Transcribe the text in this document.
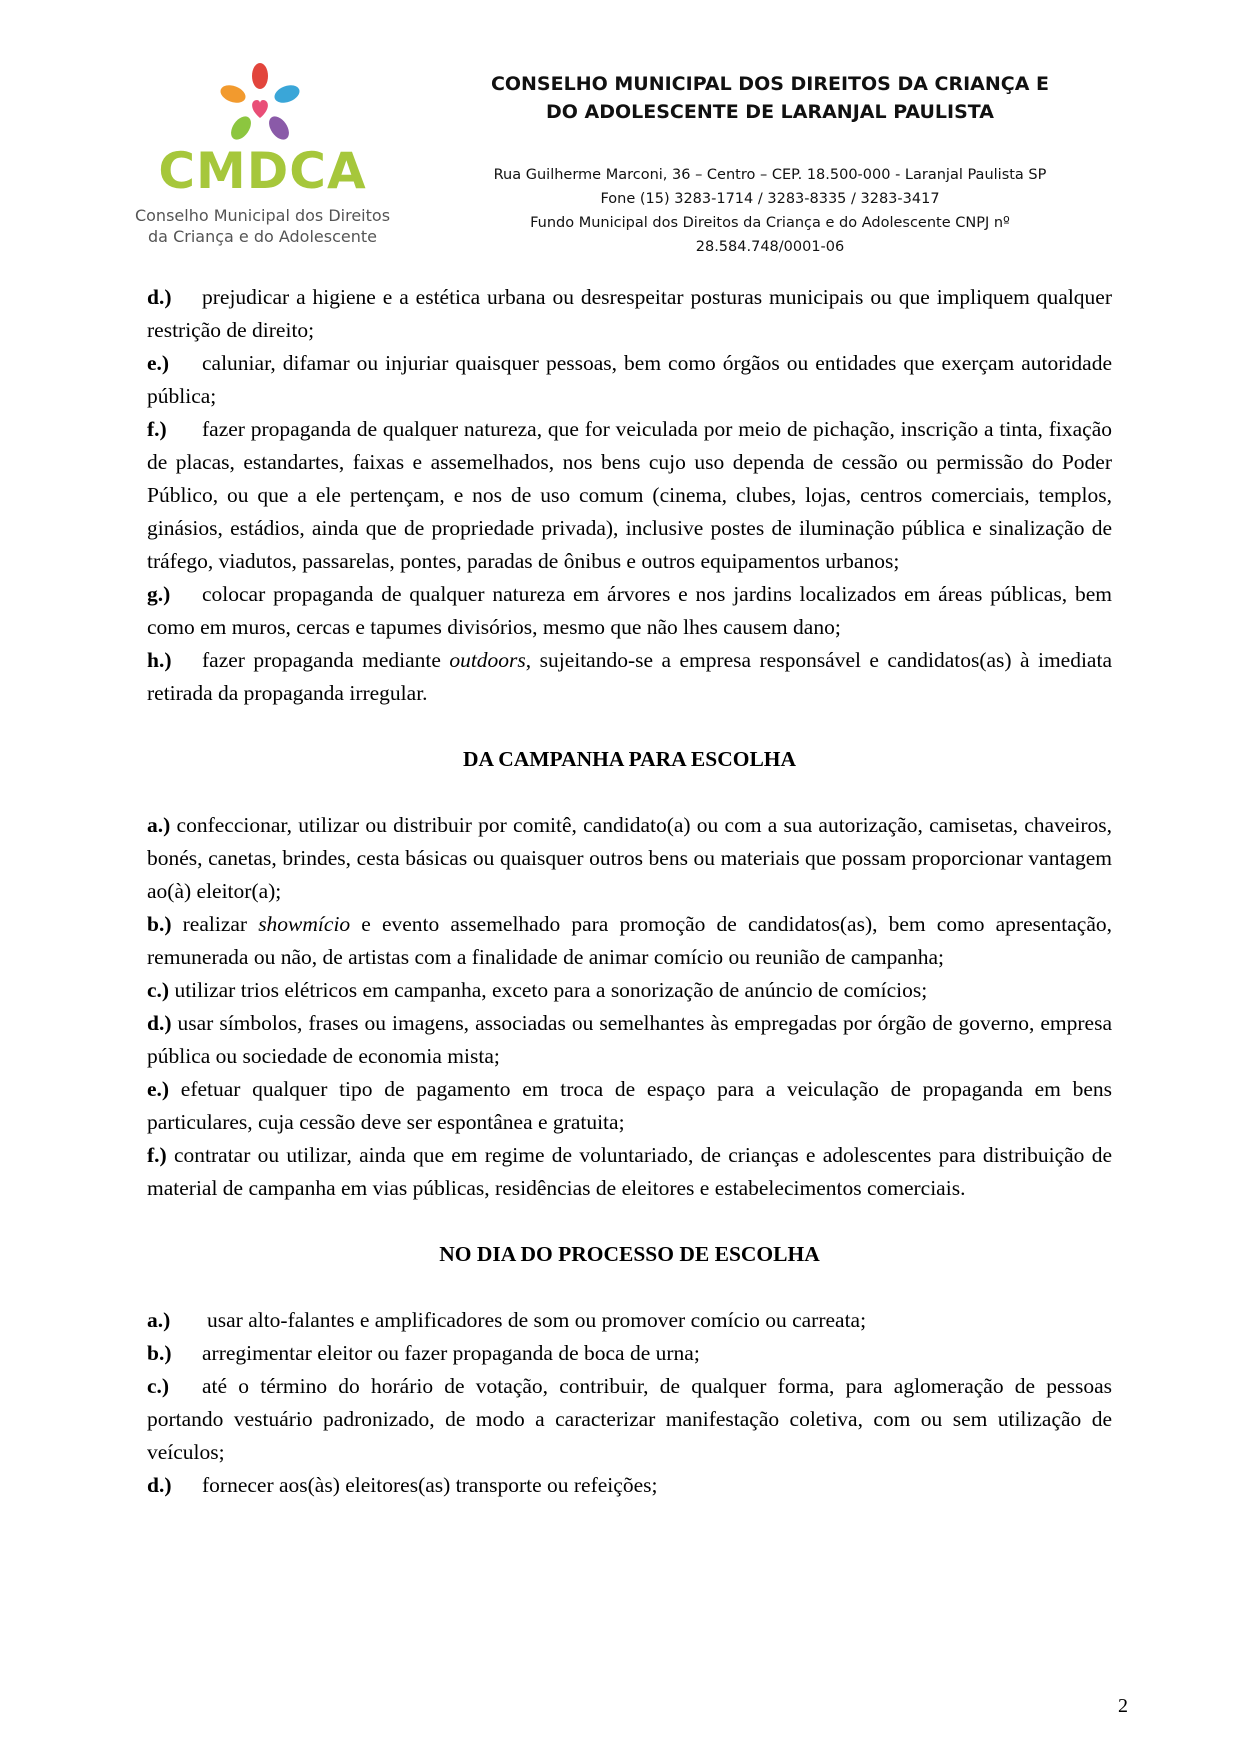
CMDCA
Conselho Municipal dos Direitos
da Criança e do Adolescente
CONSELHO MUNICIPAL DOS DIREITOS DA CRIANÇA E
DO ADOLESCENTE DE LARANJAL PAULISTA
Rua Guilherme Marconi, 36 – Centro – CEP. 18.500-000 - Laranjal Paulista SP
Fone (15) 3283-1714 / 3283-8335 / 3283-3417
Fundo Municipal dos Direitos da Criança e do Adolescente CNPJ nº
28.584.748/0001-06

d.) prejudicar a higiene e a estética urbana ou desrespeitar posturas municipais ou que impliquem qualquer restrição de direito;

e.) caluniar, difamar ou injuriar quaisquer pessoas, bem como órgãos ou entidades que exerçam autoridade pública;

f.) fazer propaganda de qualquer natureza, que for veiculada por meio de pichação, inscrição a tinta, fixação de placas, estandartes, faixas e assemelhados, nos bens cujo uso dependa de cessão ou permissão do Poder Público, ou que a ele pertençam, e nos de uso comum (cinema, clubes, lojas, centros comerciais, templos, ginásios, estádios, ainda que de propriedade privada), inclusive postes de iluminação pública e sinalização de tráfego, viadutos, passarelas, pontes, paradas de ônibus e outros equipamentos urbanos;

g.) colocar propaganda de qualquer natureza em árvores e nos jardins localizados em áreas públicas, bem como em muros, cercas e tapumes divisórios, mesmo que não lhes causem dano;

h.) fazer propaganda mediante outdoors, sujeitando-se a empresa responsável e candidatos(as) à imediata retirada da propaganda irregular.

DA CAMPANHA PARA ESCOLHA

a.) confeccionar, utilizar ou distribuir por comitê, candidato(a) ou com a sua autorização, camisetas, chaveiros, bonés, canetas, brindes, cesta básicas ou quaisquer outros bens ou materiais que possam proporcionar vantagem ao(à) eleitor(a);

b.) realizar showmício e evento assemelhado para promoção de candidatos(as), bem como apresentação, remunerada ou não, de artistas com a finalidade de animar comício ou reunião de campanha;

c.) utilizar trios elétricos em campanha, exceto para a sonorização de anúncio de comícios;

d.) usar símbolos, frases ou imagens, associadas ou semelhantes às empregadas por órgão de governo, empresa pública ou sociedade de economia mista;

e.) efetuar qualquer tipo de pagamento em troca de espaço para a veiculação de propaganda em bens particulares, cuja cessão deve ser espontânea e gratuita;

f.) contratar ou utilizar, ainda que em regime de voluntariado, de crianças e adolescentes para distribuição de material de campanha em vias públicas, residências de eleitores e estabelecimentos comerciais.

NO DIA DO PROCESSO DE ESCOLHA

a.) usar alto-falantes e amplificadores de som ou promover comício ou carreata;

b.) arregimentar eleitor ou fazer propaganda de boca de urna;

c.) até o término do horário de votação, contribuir, de qualquer forma, para aglomeração de pessoas portando vestuário padronizado, de modo a caracterizar manifestação coletiva, com ou sem utilização de veículos;

d.) fornecer aos(às) eleitores(as) transporte ou refeições;

2
